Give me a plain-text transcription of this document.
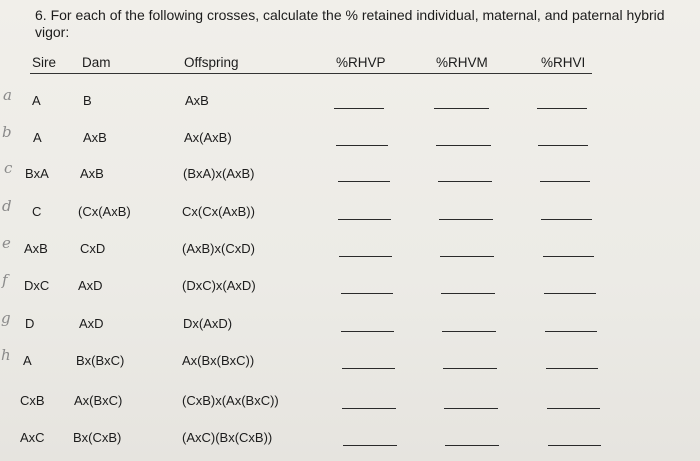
6. For each of the following crosses, calculate the % retained individual, maternal, and paternal hybrid vigor:
Sire Dam	Offspring	%RHVP	%RHVM	%RHVI
a A	B	AxB
b A	AxB	Ax(AxB)
c BxA AxB	(BxA)x(AxB)
d C	(Cx(AxB)	Cx(Cx(AxB))
e AxB CxD	(AxB)x(CxD)
f DxC AxD	(DxC)x(AxD)
g D	AxD	Dx(AxD)
h A	Bx(BxC)	Ax(Bx(BxC))
CxB Ax(BxC)	(CxB)x(Ax(BxC))
AxC Bx(CxB)	(AxC)(Bx(CxB))
